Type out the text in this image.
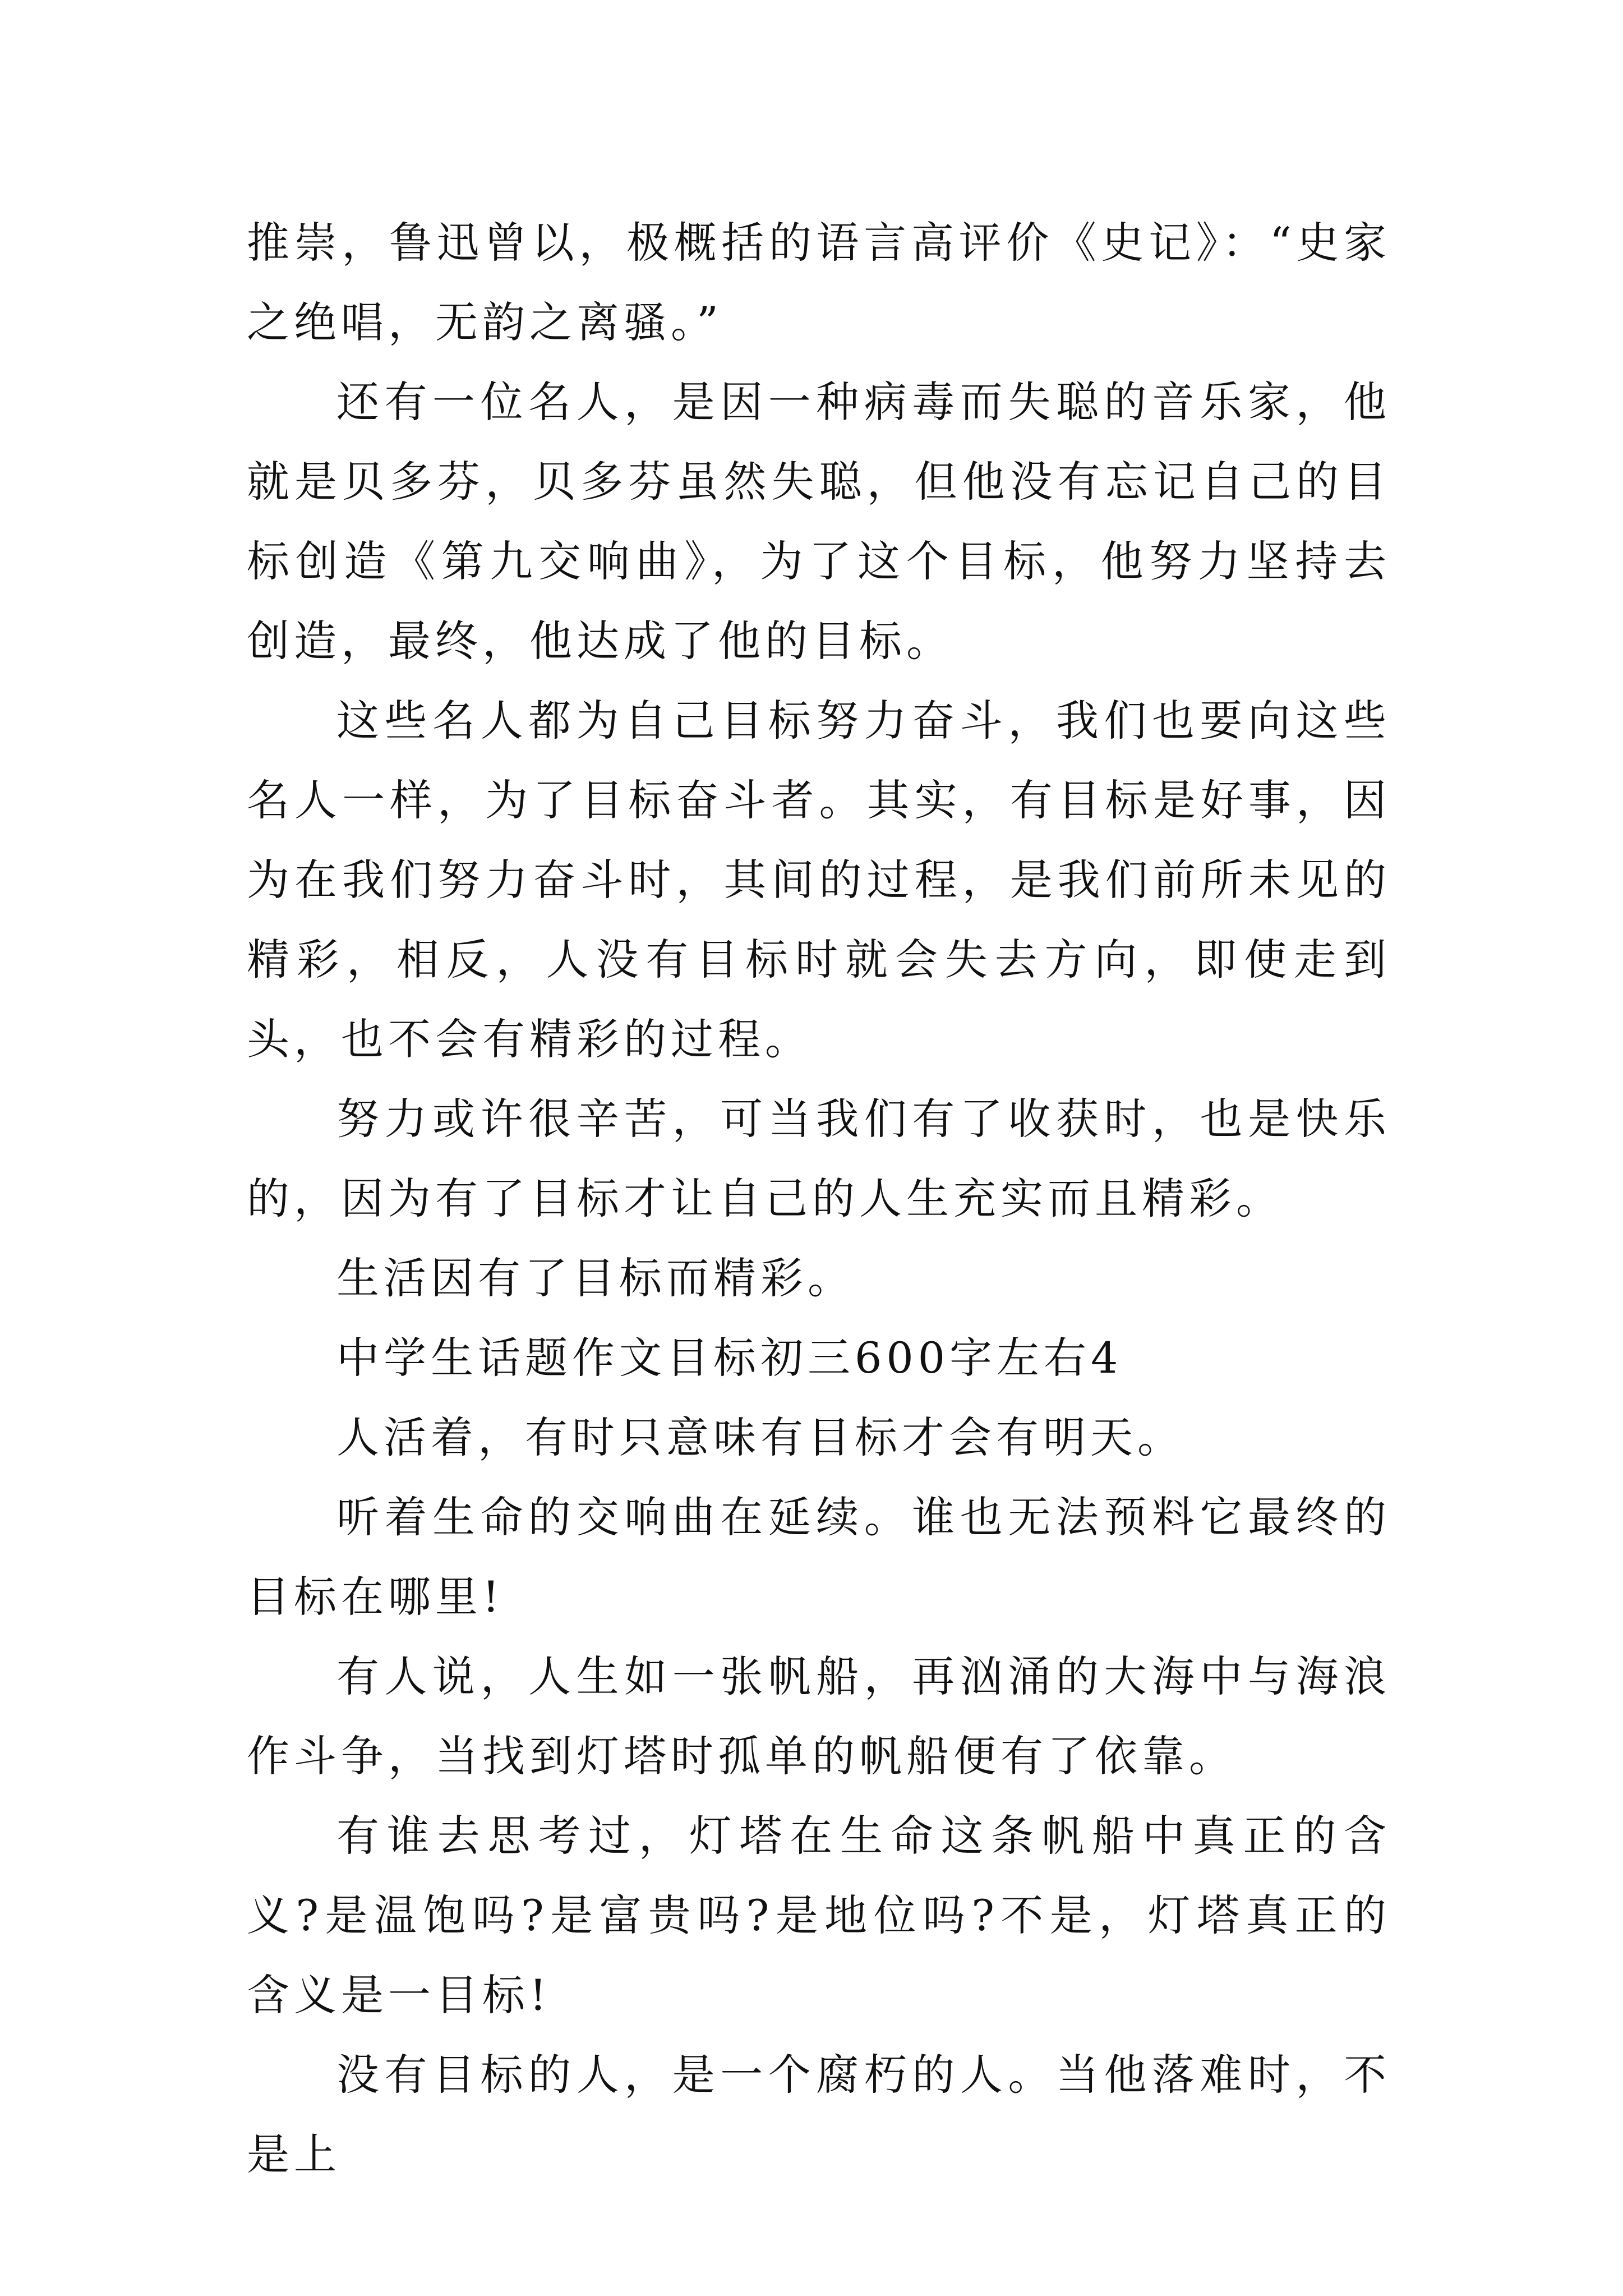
推崇，鲁迅曾以，极概括的语言高评价《史记》：“史家之绝唱，无韵之离骚。”

还有一位名人，是因一种病毒而失聪的音乐家，他就是贝多芬，贝多芬虽然失聪，但他没有忘记自己的目标创造《第九交响曲》，为了这个目标，他努力坚持去创造，最终，他达成了他的目标。

这些名人都为自己目标努力奋斗，我们也要向这些名人一样，为了目标奋斗者。其实，有目标是好事，因为在我们努力奋斗时，其间的过程，是我们前所未见的精彩，相反，人没有目标时就会失去方向，即使走到头，也不会有精彩的过程。

努力或许很辛苦，可当我们有了收获时，也是快乐的，因为有了目标才让自己的人生充实而且精彩。

生活因有了目标而精彩。

中学生话题作文目标初三600字左右4

人活着，有时只意味有目标才会有明天。

听着生命的交响曲在延续。谁也无法预料它最终的目标在哪里!

有人说，人生如一张帆船，再汹涌的大海中与海浪作斗争，当找到灯塔时孤单的帆船便有了依靠。

有谁去思考过，灯塔在生命这条帆船中真正的含义?是温饱吗?是富贵吗?是地位吗?不是，灯塔真正的含义是一目标!

没有目标的人，是一个腐朽的人。当他落难时，不是上
